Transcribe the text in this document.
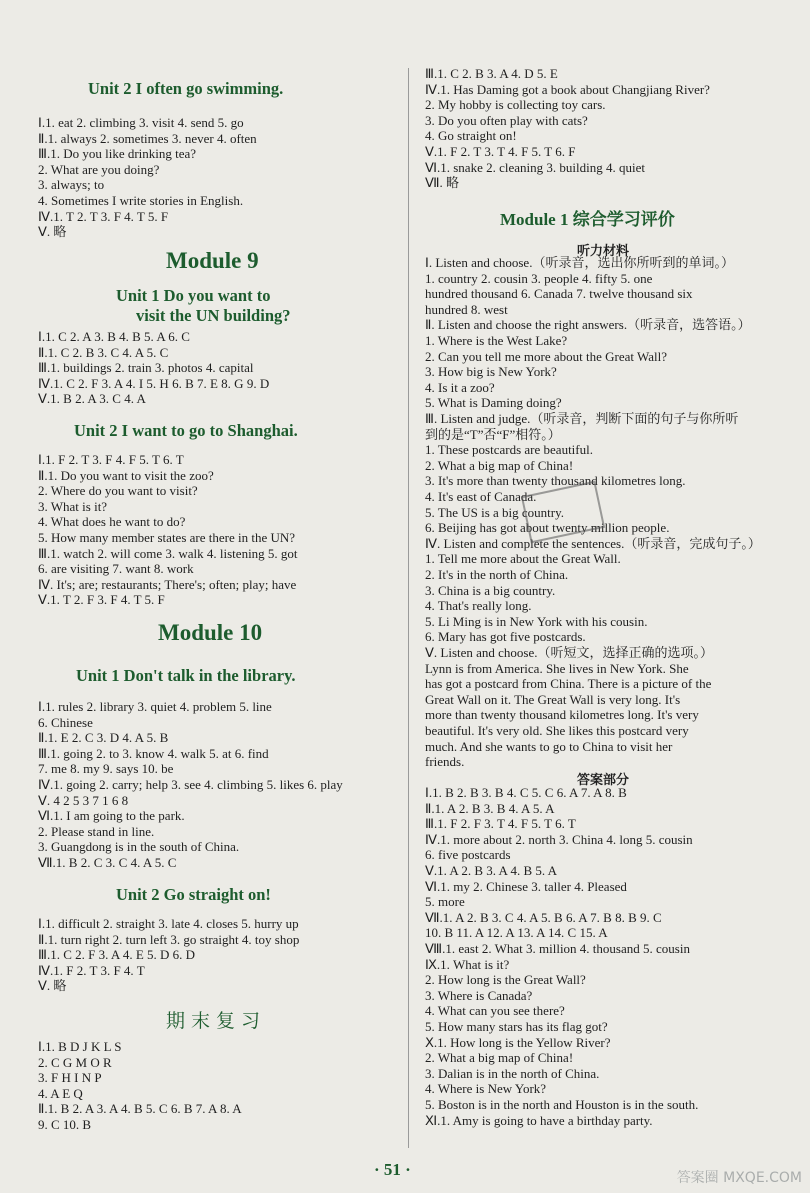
Unit 2 I often go swimming.
Ⅰ.1. eat 2. climbing 3. visit 4. send 5. go
Ⅱ.1. always 2. sometimes 3. never 4. often
Ⅲ.1. Do you like drinking tea?
2. What are you doing?
3. always; to
4. Sometimes I write stories in English.
Ⅳ.1. T 2. T 3. F 4. T 5. F
Ⅴ. 略
Module 9
Unit 1 Do you want to
visit the UN building?
Ⅰ.1. C 2. A 3. B 4. B 5. A 6. C
Ⅱ.1. C 2. B 3. C 4. A 5. C
Ⅲ.1. buildings 2. train 3. photos 4. capital
Ⅳ.1. C 2. F 3. A 4. I 5. H 6. B 7. E 8. G 9. D
Ⅴ.1. B 2. A 3. C 4. A
Unit 2 I want to go to Shanghai.
Ⅰ.1. F 2. T 3. F 4. F 5. T 6. T
Ⅱ.1. Do you want to visit the zoo?
2. Where do you want to visit?
3. What is it?
4. What does he want to do?
5. How many member states are there in the UN?
Ⅲ.1. watch 2. will come 3. walk 4. listening 5. got
6. are visiting 7. want 8. work
Ⅳ. It's; are; restaurants; There's; often; play; have
Ⅴ.1. T 2. F 3. F 4. T 5. F
Module 10
Unit 1 Don't talk in the library.
Ⅰ.1. rules 2. library 3. quiet 4. problem 5. line
6. Chinese
Ⅱ.1. E 2. C 3. D 4. A 5. B
Ⅲ.1. going 2. to 3. know 4. walk 5. at 6. find
7. me 8. my 9. says 10. be
Ⅳ.1. going 2. carry; help 3. see 4. climbing 5. likes 6. play
Ⅴ. 4 2 5 3 7 1 6 8
Ⅵ.1. I am going to the park.
2. Please stand in line.
3. Guangdong is in the south of China.
Ⅶ.1. B 2. C 3. C 4. A 5. C
Unit 2 Go straight on!
Ⅰ.1. difficult 2. straight 3. late 4. closes 5. hurry up
Ⅱ.1. turn right 2. turn left 3. go straight 4. toy shop
Ⅲ.1. C 2. F 3. A 4. E 5. D 6. D
Ⅳ.1. F 2. T 3. F 4. T
Ⅴ. 略
期末复习
Ⅰ.1. B D J K L S
2. C G M O R
3. F H I N P
4. A E Q
Ⅱ.1. B 2. A 3. A 4. B 5. C 6. B 7. A 8. A
9. C 10. B
Ⅲ.1. C 2. B 3. A 4. D 5. E
Ⅳ.1. Has Daming got a book about Changjiang River?
2. My hobby is collecting toy cars.
3. Do you often play with cats?
4. Go straight on!
Ⅴ.1. F 2. T 3. T 4. F 5. T 6. F
Ⅵ.1. snake 2. cleaning 3. building 4. quiet
Ⅶ. 略
Module 1 综合学习评价
听力材料
Ⅰ. Listen and choose.（听录音，选出你所听到的单词。）
1. country 2. cousin 3. people 4. fifty 5. one
hundred thousand 6. Canada 7. twelve thousand six
hundred 8. west
Ⅱ. Listen and choose the right answers.（听录音，选答语。）
1. Where is the West Lake?
2. Can you tell me more about the Great Wall?
3. How big is New York?
4. Is it a zoo?
5. What is Daming doing?
Ⅲ. Listen and judge.（听录音，判断下面的句子与你所听
到的是“T”否“F”相符。）
1. These postcards are beautiful.
2. What a big map of China!
3. It's more than twenty thousand kilometres long.
4. It's east of Canada.
5. The US is a big country.
6. Beijing has got about twenty million people.
Ⅳ. Listen and complete the sentences.（听录音，完成句子。）
1. Tell me more about the Great Wall.
2. It's in the north of China.
3. China is a big country.
4. That's really long.
5. Li Ming is in New York with his cousin.
6. Mary has got five postcards.
Ⅴ. Listen and choose.（听短文，选择正确的选项。）
Lynn is from America. She lives in New York. She
has got a postcard from China. There is a picture of the
Great Wall on it. The Great Wall is very long. It's
more than twenty thousand kilometres long. It's very
beautiful. It's very old. She likes this postcard very
much. And she wants to go to China to visit her
friends.
答案部分
Ⅰ.1. B 2. B 3. B 4. C 5. C 6. A 7. A 8. B
Ⅱ.1. A 2. B 3. B 4. A 5. A
Ⅲ.1. F 2. F 3. T 4. F 5. T 6. T
Ⅳ.1. more about 2. north 3. China 4. long 5. cousin
6. five postcards
Ⅴ.1. A 2. B 3. A 4. B 5. A
Ⅵ.1. my 2. Chinese 3. taller 4. Pleased
5. more
Ⅶ.1. A 2. B 3. C 4. A 5. B 6. A 7. B 8. B 9. C
10. B 11. A 12. A 13. A 14. C 15. A
Ⅷ.1. east 2. What 3. million 4. thousand 5. cousin
Ⅸ.1. What is it?
2. How long is the Great Wall?
3. Where is Canada?
4. What can you see there?
5. How many stars has its flag got?
Ⅹ.1. How long is the Yellow River?
2. What a big map of China!
3. Dalian is in the north of China.
4. Where is New York?
5. Boston is in the north and Houston is in the south.
Ⅺ.1. Amy is going to have a birthday party.
· 51 ·	答案圈 MXQE.COM
